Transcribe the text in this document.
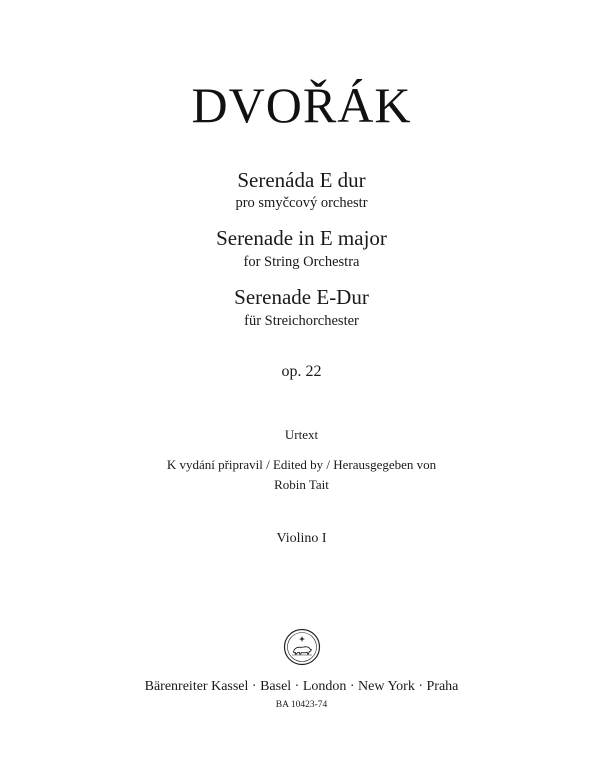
DVOŘÁK
Serenáda E dur
pro smyčcový orchestr
Serenade in E major
for String Orchestra
Serenade E-Dur
für Streichorchester
op. 22
Urtext
K vydání připravil / Edited by / Herausgegeben von
Robin Tait
Violino I
Bärenreiter Kassel · Basel · London · New York · Praha
BA 10423-74
